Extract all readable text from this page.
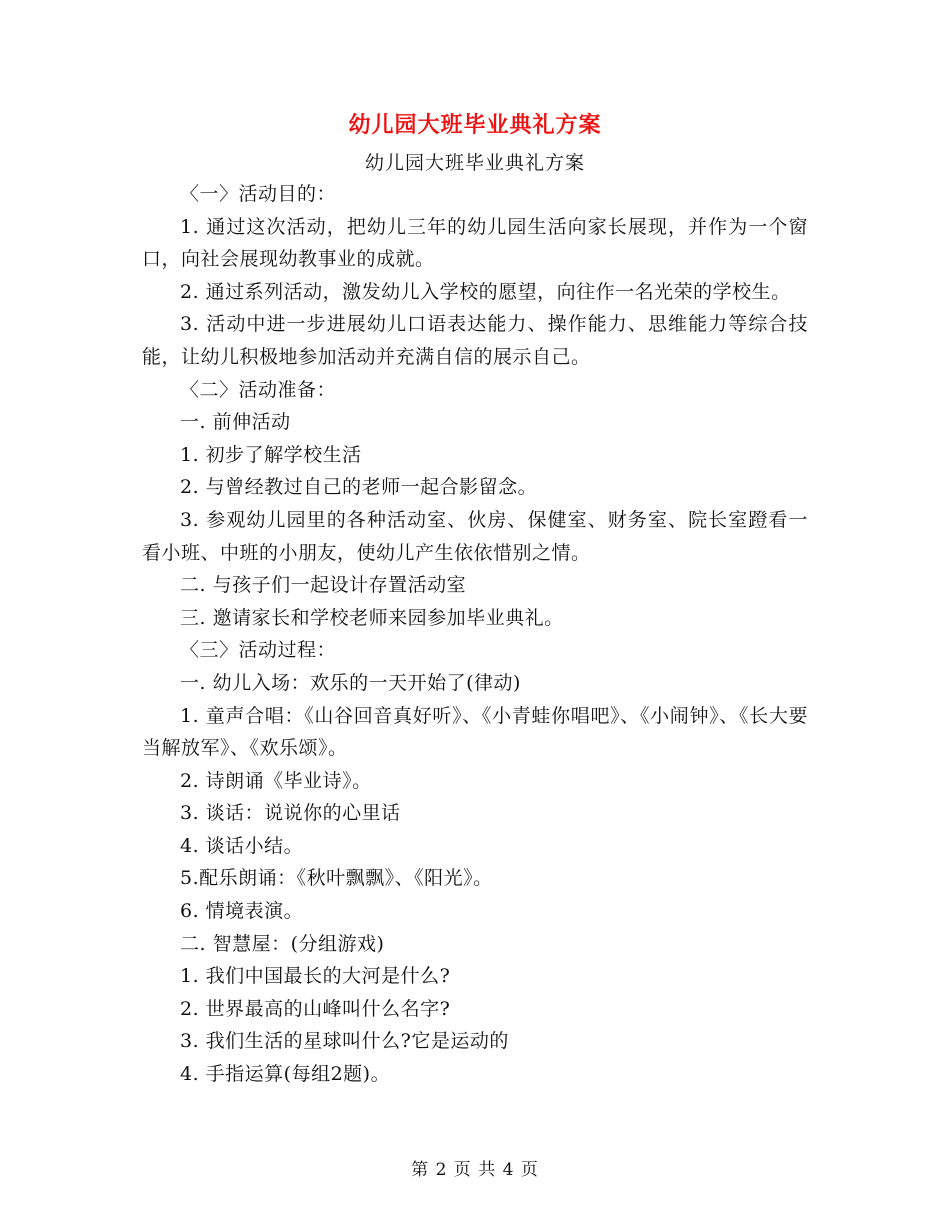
幼儿园大班毕业典礼方案
幼儿园大班毕业典礼方案

〈一〉活动目的：

1. 通过这次活动，把幼儿三年的幼儿园生活向家长展现，并作为一个窗口，向社会展现幼教事业的成就。

2. 通过系列活动，激发幼儿入学校的愿望，向往作一名光荣的学校生。

3. 活动中进一步进展幼儿口语表达能力、操作能力、思维能力等综合技能，让幼儿积极地参加活动并充满自信的展示自己。

〈二〉活动准备：

一. 前伸活动

1. 初步了解学校生活

2. 与曾经教过自己的老师一起合影留念。

3. 参观幼儿园里的各种活动室、伙房、保健室、财务室、院长室蹬看一看小班、中班的小朋友，使幼儿产生依依惜别之情。

二. 与孩子们一起设计存置活动室

三. 邀请家长和学校老师来园参加毕业典礼。

〈三〉活动过程：

一. 幼儿入场：欢乐的一天开始了(律动)

1. 童声合唱：《山谷回音真好听》、《小青蛙你唱吧》、《小闹钟》、《长大要当解放军》、《欢乐颂》。

2. 诗朗诵《毕业诗》。

3. 谈话：说说你的心里话

4. 谈话小结。

5.配乐朗诵：《秋叶飘飘》、《阳光》。

6. 情境表演。

二. 智慧屋：(分组游戏)

1. 我们中国最长的大河是什么?

2. 世界最高的山峰叫什么名字?

3. 我们生活的星球叫什么?它是运动的

4. 手指运算(每组2题)。

第 2 页 共 4 页
